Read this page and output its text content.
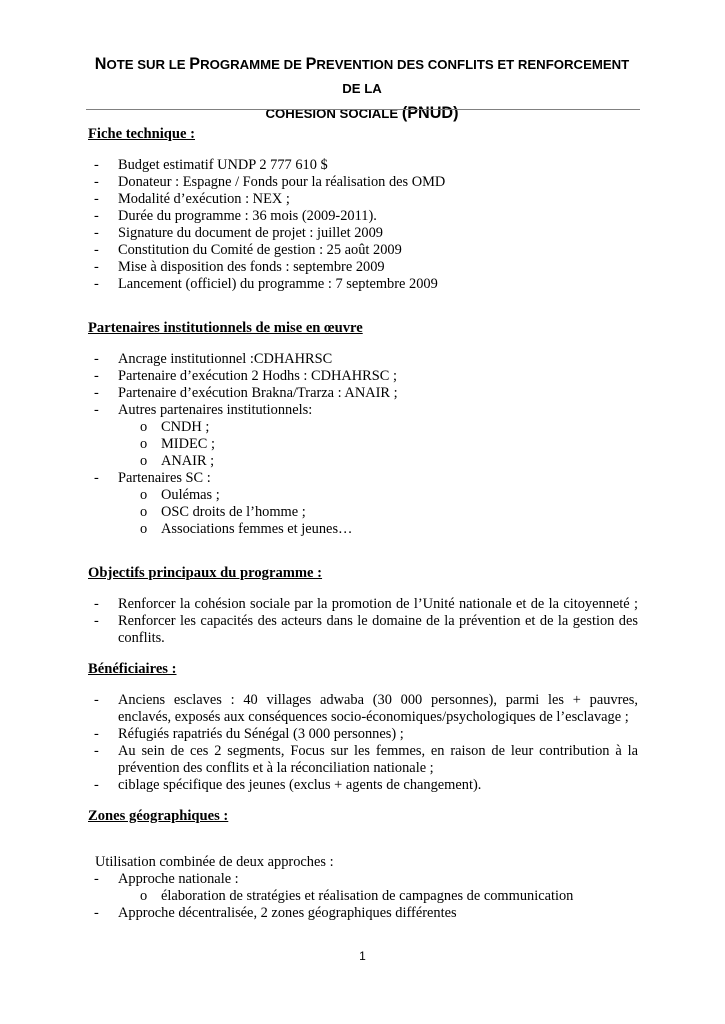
NOTE SUR LE PROGRAMME DE PREVENTION DES CONFLITS ET RENFORCEMENT DE LA
COHESION SOCIALE (PNUD)
Fiche technique :
- Budget estimatif UNDP 2 777 610 $
- Donateur : Espagne / Fonds pour la réalisation des OMD
- Modalité d’exécution : NEX ;
- Durée du programme : 36 mois (2009-2011).
- Signature du document de projet : juillet 2009
- Constitution du Comité de gestion : 25 août 2009
- Mise à disposition des fonds : septembre 2009
- Lancement (officiel) du programme : 7 septembre 2009
Partenaires institutionnels de mise en œuvre
- Ancrage institutionnel :CDHAHRSC
- Partenaire d’exécution 2 Hodhs : CDHAHRSC ;
- Partenaire d’exécution Brakna/Trarza : ANAIR ;
- Autres partenaires institutionnels:
o CNDH ;
o MIDEC ;
o ANAIR ;
- Partenaires SC :
o Oulémas ;
o OSC droits de l’homme ;
o Associations femmes et jeunes…
Objectifs principaux du programme :
- Renforcer la cohésion sociale par la promotion de l’Unité nationale et de la citoyenneté ;
- Renforcer les capacités des acteurs dans le domaine de la prévention et de la gestion des
conflits.
Bénéficiaires :
- Anciens esclaves : 40 villages adwaba (30 000 personnes), parmi les + pauvres,
enclavés, exposés aux conséquences socio-économiques/psychologiques de l’esclavage ;
- Réfugiés rapatriés du Sénégal (3 000 personnes) ;
- Au sein de ces 2 segments, Focus sur les femmes, en raison de leur contribution à la
prévention des conflits et à la réconciliation nationale ;
- ciblage spécifique des jeunes (exclus + agents de changement).
Zones géographiques :
Utilisation combinée de deux approches :
- Approche nationale :
o élaboration de stratégies et réalisation de campagnes de communication
- Approche décentralisée, 2 zones géographiques différentes
1
